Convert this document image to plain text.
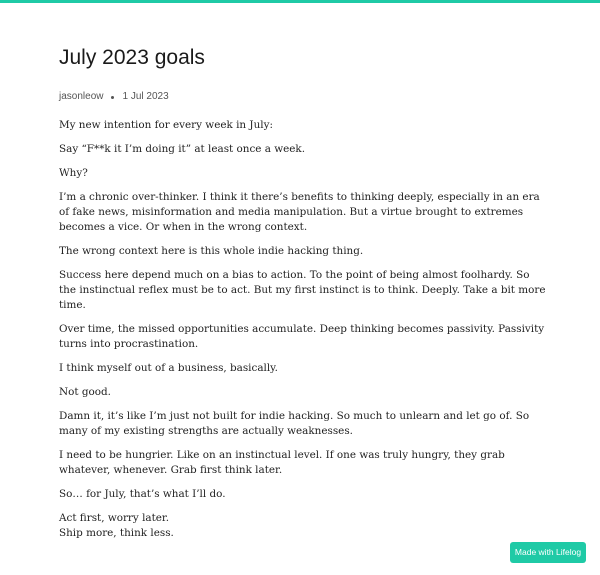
July 2023 goals
jasonleow 1 Jul 2023

My new intention for every week in July:

Say “F**k it I’m doing it” at least once a week.

Why?

I’m a chronic over-thinker. I think it there’s benefits to thinking deeply, especially in an era of fake news, misinformation and media manipulation. But a virtue brought to extremes becomes a vice. Or when in the wrong context.

The wrong context here is this whole indie hacking thing.

Success here depend much on a bias to action. To the point of being almost foolhardy. So the instinctual reflex must be to act. But my first instinct is to think. Deeply. Take a bit more time.

Over time, the missed opportunities accumulate. Deep thinking becomes passivity. Passivity turns into procrastination.

I think myself out of a business, basically.

Not good.

Damn it, it’s like I’m just not built for indie hacking. So much to unlearn and let go of. So many of my existing strengths are actually weaknesses.

I need to be hungrier. Like on an instinctual level. If one was truly hungry, they grab whatever, whenever. Grab first think later.

So… for July, that’s what I’ll do.

Act first, worry later.
Ship more, think less.

Made with Lifelog
